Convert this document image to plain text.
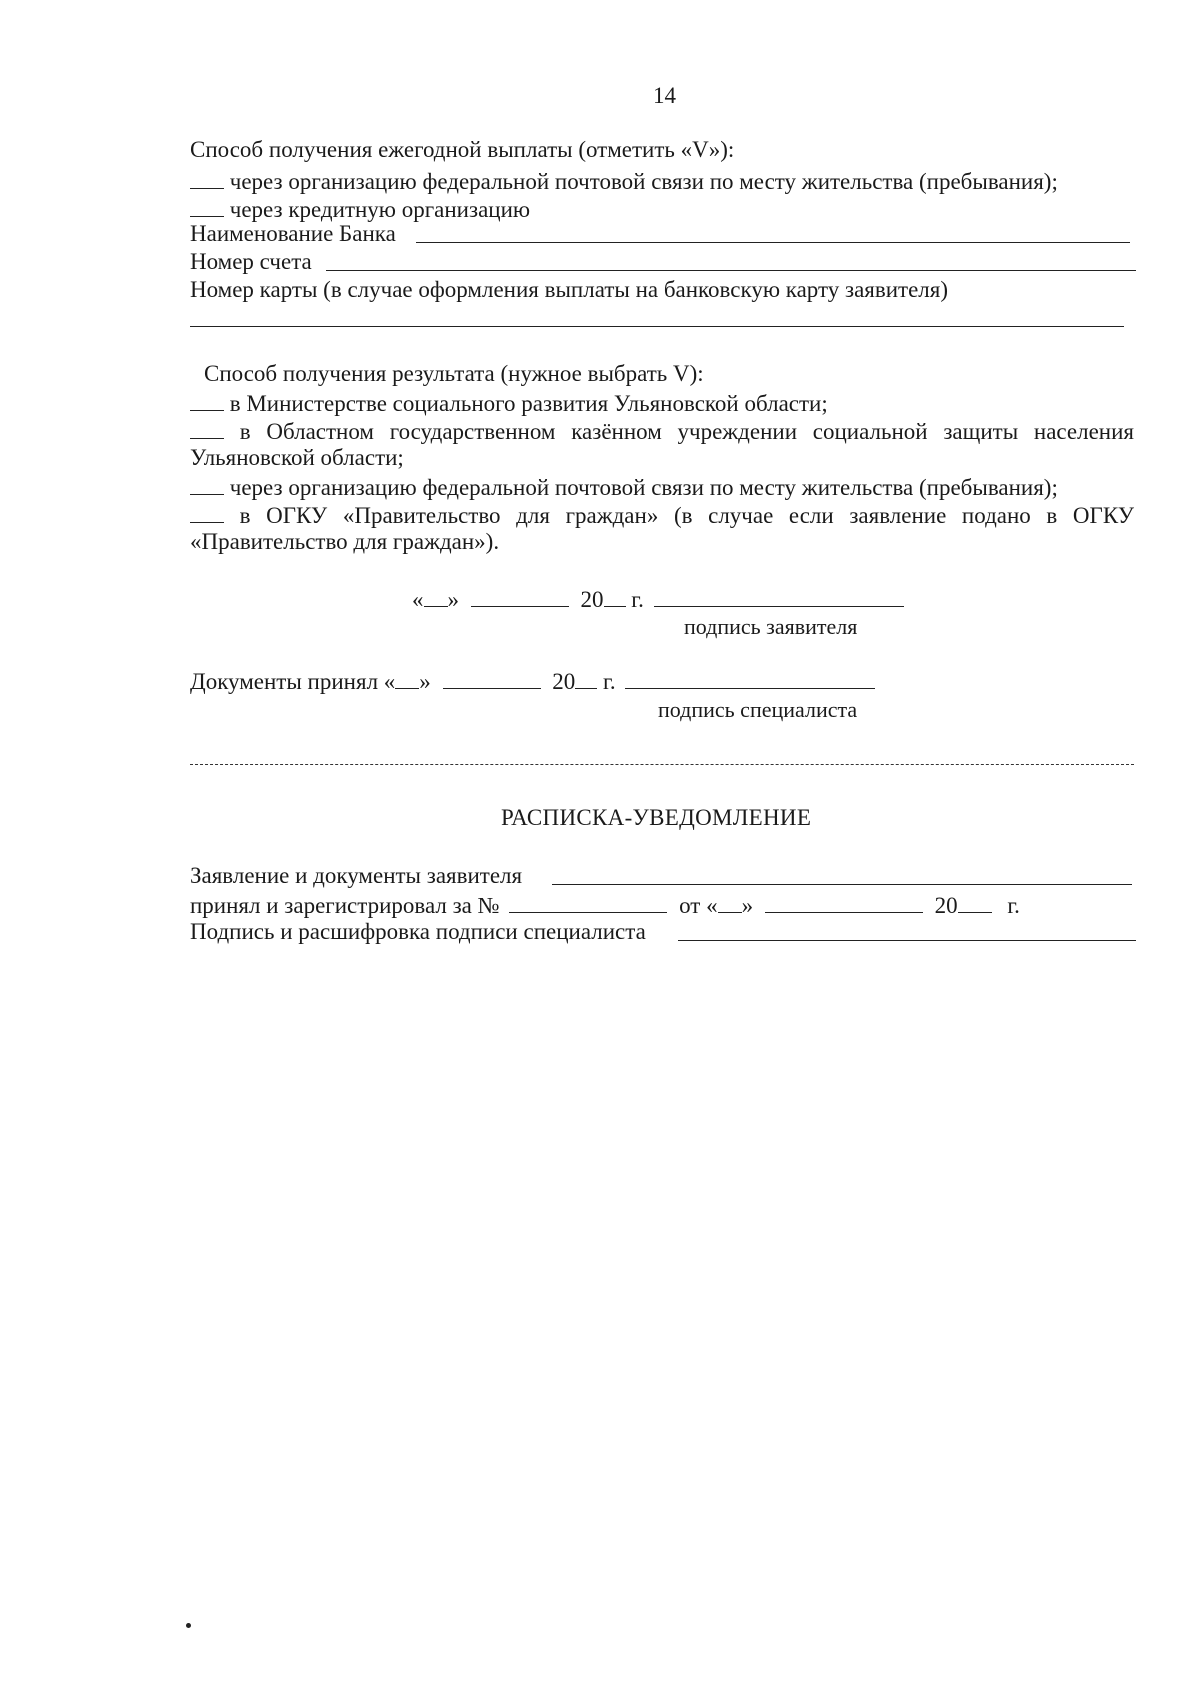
14
Способ получения ежегодной выплаты (отметить «V»):
через организацию федеральной почтовой связи по месту жительства (пребывания);
через кредитную организацию
Наименование Банка
Номер счета
Номер карты (в случае оформления выплаты на банковскую карту заявителя)
Способ получения результата (нужное выбрать V):
в Министерстве социального развития Ульяновской области;
в Областном государственном казённом учреждении социальной защиты населения
Ульяновской области;
через организацию федеральной почтовой связи по месту жительства (пребывания);
в ОГКУ «Правительство для граждан» (в случае если заявление подано в ОГКУ
«Правительство для граждан»).
« »	20 г.
подпись заявителя
Документы принял « »	20 г.
подпись специалиста
РАСПИСКА-УВЕДОМЛЕНИЕ
Заявление и документы заявителя
принял и зарегистрировал за №	от « »	20 г.
Подпись и расшифровка подписи специалиста
